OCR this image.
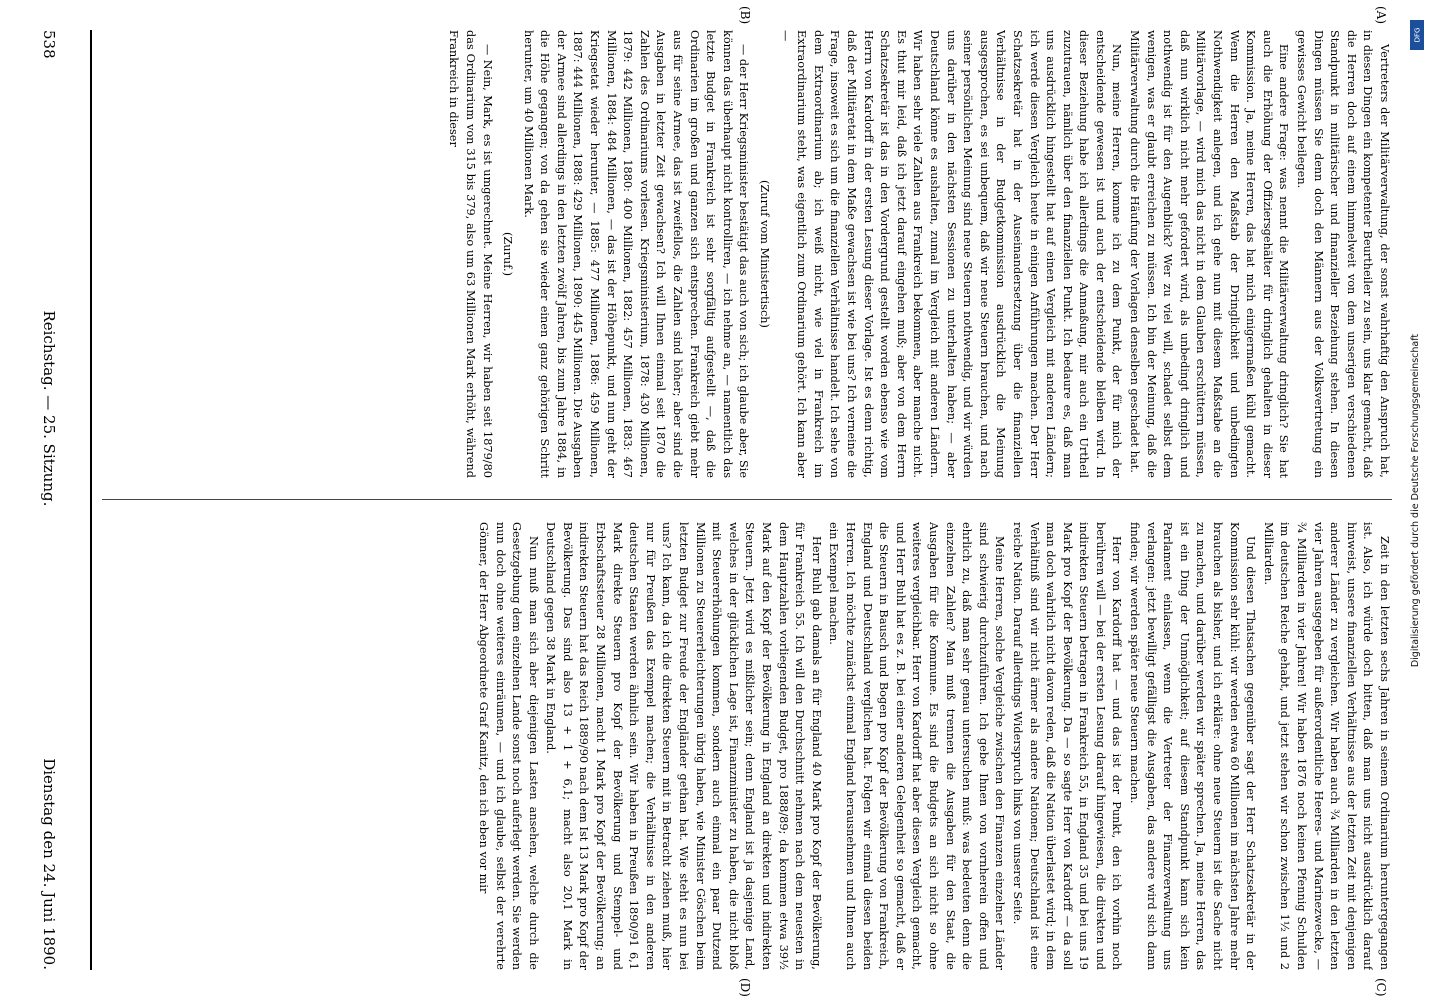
538
Reichstag. — 25. Sitzung.
Dienstag den 24. Juni 1890.
(A)
(B)
(C)
(D)

Vertreters der Militärverwaltung, der sonst wahrhaftig den Anspruch hat, in diesen Dingen ein kompetenter Beurtheiler zu sein, uns klar gemacht, daß die Herren doch auf einem himmelweit von dem unserigen verschiedenen Standpunkt in militärischer und finanzieller Beziehung stehen. In diesen Dingen müssen Sie denn doch den Männern aus der Volksvertretung ein gewisses Gewicht beilegen.

Eine andere Frage: was nennt die Militärverwaltung dringlich? Sie hat auch die Erhöhung der Offiziersgehälter für dringlich gehalten in dieser Kommission. Ja, meine Herren, das hat mich einigermaßen kühl gemacht. Wenn die Herren den Maßstab der Dringlichkeit und unbedingten Nothwendigkeit anlegen, und ich gehe nun mit diesem Maßstabe an die Militärvorlage, — wird mich das nicht in dem Glauben erschüttern müssen, daß nun wirklich nicht mehr gefordert wird, als unbedingt dringlich und nothwendig ist für den Augenblick? Wer zu viel will, schadet selbst dem wenigen, was er glaubt erreichen zu müssen. Ich bin der Meinung, daß die Militärverwaltung durch die Häufung der Vorlagen denselben geschadet hat.

Nun, meine Herren, komme ich zu dem Punkt, der für mich der entscheidende gewesen ist und auch der entscheidende bleiben wird. In dieser Beziehung habe ich allerdings die Anmaßung, mir auch ein Urtheil zuzutrauen, nämlich über den finanziellen Punkt. Ich bedaure es, daß man uns ausdrücklich hingestellt hat auf einen Vergleich mit anderen Ländern; ich werde diesen Vergleich heute in einigen Anführungen machen. Der Herr Schatzsekretär hat in der Auseinandersetzung über die finanziellen Verhältnisse in der Budgetkommission ausdrücklich die Meinung ausgesprochen, es sei unbequem, daß wir neue Steuern brauchen, und nach seiner persönlichen Meinung sind neue Steuern nothwendig, und wir würden uns darüber in den nächsten Sessionen zu unterhalten haben; — aber Deutschland könne es aushalten, zumal im Vergleich mit anderen Ländern. Wir haben sehr viele Zahlen aus Frankreich bekommen, aber manche nicht. Es thut mir leid, daß ich jetzt darauf eingehen muß; aber von dem Herrn Schatzsekretär ist das in den Vordergrund gestellt worden ebenso wie vom Herrn von Kardorff in der ersten Lesung dieser Vorlage. Ist es denn richtig, daß der Militäretat in dem Maße gewachsen ist wie bei uns? Ich verneine die Frage, insoweit es sich um die finanziellen Verhältnisse handelt. Ich sehe von dem Extraordinarium ab; ich weiß nicht, wie viel in Frankreich im Extraordinarium steht, was eigentlich zum Ordinarium gehört. Ich kann aber —

(Zuruf vom Ministertisch)

— der Herr Kriegsminister bestätigt das auch von sich; ich glaube aber, Sie können das überhaupt nicht kontrolliren, — ich nehme an, — namentlich das letzte Budget in Frankreich ist sehr sorgfältig aufgestellt —, daß die Ordinarien im großen und ganzen sich entsprechen. Frankreich giebt mehr aus für seine Armee, das ist zweifellos, die Zahlen sind höher; aber sind die Ausgaben in letzter Zeit gewachsen? Ich will Ihnen einmal seit 1870 die Zahlen des Ordinariums vorlesen. Kriegsministerium, 1878: 430 Millionen, 1879: 442 Millionen, 1880: 400 Millionen, 1882: 457 Millionen, 1883: 467 Millionen, 1884: 484 Millionen, — das ist der Höhepunkt, und nun geht der Kriegsetat wieder herunter, — 1885: 477 Millionen, 1886: 459 Millionen, 1887: 444 Millionen, 1888: 429 Millionen, 1890: 445 Millionen. Die Ausgaben der Armee sind allerdings in den letzten zwölf Jahren, bis zum Jahre 1884, in die Höhe gegangen; von da gehen sie wieder einen ganz gehörigen Schritt herunter, um 40 Millionen Mark.

(Zuruf.)

— Nein, Mark, es ist umgerechnet. Meine Herren, wir haben seit 1879/80 das Ordinarium von 315 bis 379, also um 63 Millionen Mark erhöht, während Frankreich in dieser

Zeit in den letzten sechs Jahren in seinem Ordinarium heruntergegangen ist. Also, ich würde doch bitten, daß man uns nicht ausdrücklich darauf hinweist, unsere finanziellen Verhältnisse aus der letzten Zeit mit denjenigen anderer Länder zu vergleichen. Wir haben auch ¾ Milliarden in den letzten vier Jahren ausgegeben für außerordentliche Heeres- und Marinezwecke, — ¾ Milliarden in vier Jahren! Wir haben 1876 noch keinen Pfennig Schulden im deutschen Reiche gehabt, und jetzt stehen wir schon zwischen 1½ und 2 Milliarden.

Und diesen Thatsachen gegenüber sagt der Herr Schatzsekretär in der Kommission sehr kühl: wir werden etwa 60 Millionen im nächsten Jahre mehr brauchen als bisher, und ich erkläre: ohne neue Steuern ist die Sache nicht zu machen, und darüber werden wir später sprechen. Ja, meine Herren, das ist ein Ding der Unmöglichkeit; auf diesem Standpunkt kann sich kein Parlament einlassen, wenn die Vertreter der Finanzverwaltung uns verlangen: jetzt bewilligt gefälligst die Ausgaben, das andere wird sich dann finden; wir werden später neue Steuern machen.

Herr von Kardorff hat — und das ist der Punkt, den ich vorhin noch berühren will — bei der ersten Lesung darauf hingewiesen, die direkten und indirekten Steuern betragen in Frankreich 55, in England 35 und bei uns 19 Mark pro Kopf der Bevölkerung. Da — so sagte Herr von Kardorff — da soll man doch wahrlich nicht davon reden, daß die Nation überlastet wird; in dem Verhältniß sind wir nicht ärmer als andere Nationen; Deutschland ist eine reiche Nation. Darauf allerdings Widerspruch links von unserer Seite.

Meine Herren, solche Vergleiche zwischen den Finanzen einzelner Länder sind schwierig durchzuführen. Ich gebe Ihnen von vornherein offen und ehrlich zu, daß man sehr genau untersuchen muß: was bedeuten denn die einzelnen Zahlen? Man muß trennen die Ausgaben für den Staat, die Ausgaben für die Kommune. Es sind die Budgets an sich nicht so ohne weiteres vergleichbar. Herr von Kardorff hat aber diesen Vergleich gemacht, und Herr Buhl hat es z. B. bei einer anderen Gelegenheit so gemacht, daß er die Steuern in Bausch und Bogen pro Kopf der Bevölkerung von Frankreich, England und Deutschland verglichen hat. Folgen wir einmal diesen beiden Herren. Ich möchte zunächst einmal England herausnehmen und Ihnen auch ein Exempel machen.

Herr Buhl gab damals an für England 40 Mark pro Kopf der Bevölkerung, für Frankreich 55. Ich will den Durchschnitt nehmen nach dem neuesten in dem Hauptzahlen vorliegenden Budget, pro 1888/89; da kommen etwa 39½ Mark auf den Kopf der Bevölkerung in England an direkten und indirekten Steuern. Jetzt wird es mißlicher sein; denn England ist ja dasjenige Land, welches in der glücklichen Lage ist, Finanzminister zu haben, die nicht bloß mit Steuererhöhungen kommen, sondern auch einmal ein paar Dutzend Millionen zu Steuererleichterungen übrig haben, wie Minister Göschen beim letzten Budget zur Freude der Engländer gethan hat. Wie steht es nun bei uns? Ich kann, da ich die direkten Steuern mit in Betracht ziehen muß, hier nur für Preußen das Exempel machen; die Verhältnisse in den anderen deutschen Staaten werden ähnlich sein. Wir haben in Preußen 1890/91 6,1 Mark direkte Steuern pro Kopf der Bevölkerung und Stempel- und Erbschaftssteuer 28 Millionen, macht 1 Mark pro Kopf der Bevölkerung; an indirekten Steuern hat das Reich 1889/90 nach dem Ist 13 Mark pro Kopf der Bevölkerung. Das sind also 13 + 1 + 6,1; macht also 20,1 Mark in Deutschland gegen 38 Mark in England.

Nun muß man sich aber diejenigen Lasten ansehen, welche durch die Gesetzgebung dem einzelnen Lande sonst noch auferlegt werden. Sie werden nun doch ohne weiteres einräumen, — und ich glaube, selbst der verehrte Gönner, der Herr Abgeordnete Graf Kanitz, den ich eben vor mir

DFG
Digitalisierung gefördert durch die Deutsche Forschungsgemeinschaft
